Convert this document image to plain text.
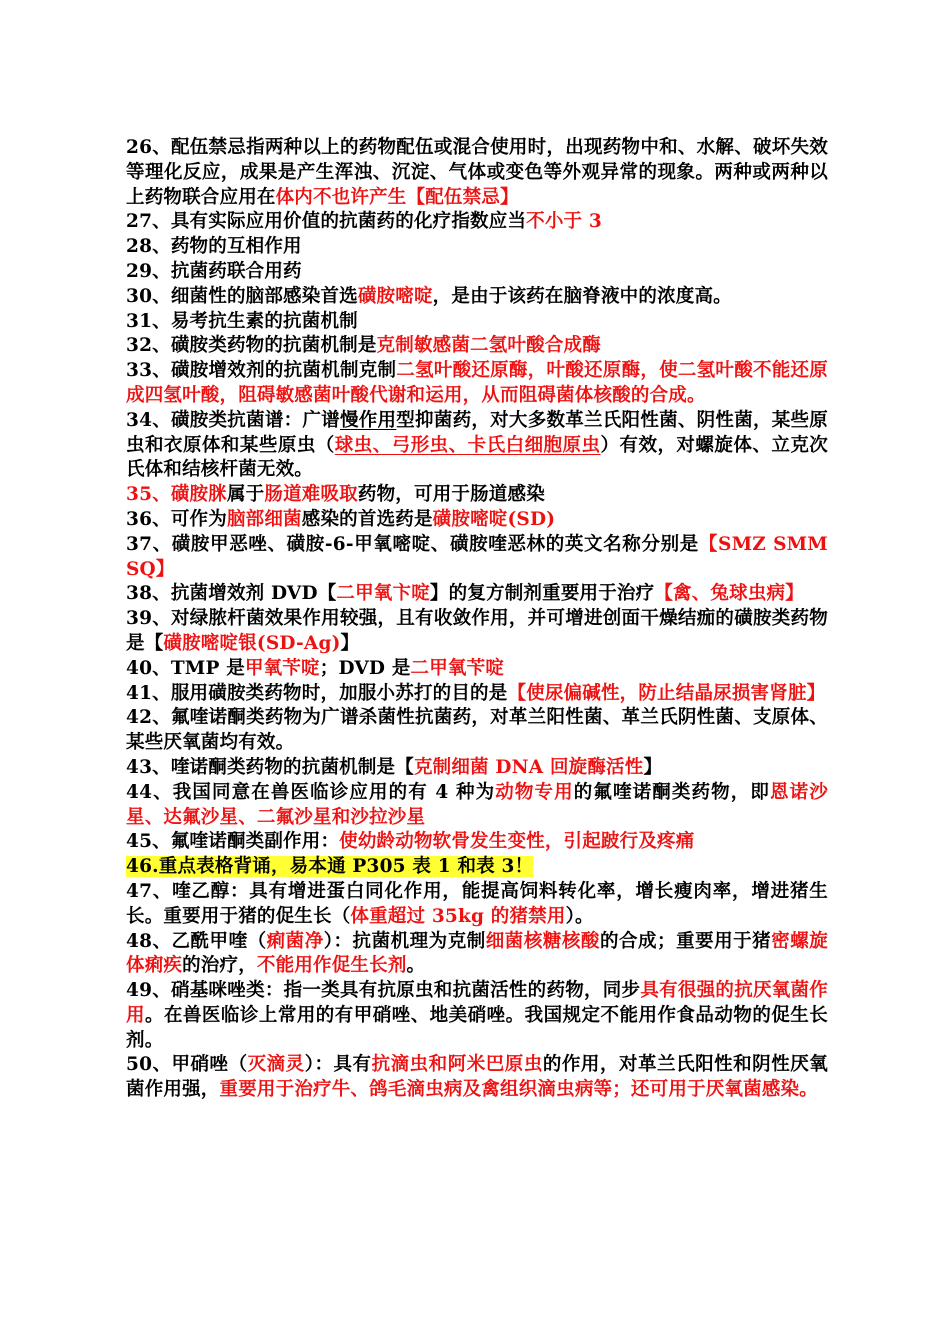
26、配伍禁忌指两种以上的药物配伍或混合使用时，出现药物中和、水解、破坏失效等理化反应，成果是产生浑浊、沉淀、气体或变色等外观异常的现象。两种或两种以上药物联合应用在体内不也许产生【配伍禁忌】

27、具有实际应用价值的抗菌药的化疗指数应当不小于 3

28、药物的互相作用

29、抗菌药联合用药

30、细菌性的脑部感染首选磺胺嘧啶，是由于该药在脑脊液中的浓度高。

31、易考抗生素的抗菌机制

32、磺胺类药物的抗菌机制是克制敏感菌二氢叶酸合成酶

33、磺胺增效剂的抗菌机制克制二氢叶酸还原酶，叶酸还原酶，使二氢叶酸不能还原成四氢叶酸，阻碍敏感菌叶酸代谢和运用，从而阻碍菌体核酸的合成。

34、磺胺类抗菌谱：广谱慢作用型抑菌药，对大多数革兰氏阳性菌、阴性菌，某些原虫和衣原体和某些原虫（球虫、弓形虫、卡氏白细胞原虫）有效，对螺旋体、立克次氏体和结核杆菌无效。

35、磺胺脒属于肠道难吸取药物，可用于肠道感染

36、可作为脑部细菌感染的首选药是磺胺嘧啶(SD)

37、磺胺甲恶唑、磺胺-6-甲氧嘧啶、磺胺喹恶林的英文名称分别是【SMZ SMM SQ】

38、抗菌增效剂 DVD【二甲氧卞啶】的复方制剂重要用于治疗【禽、兔球虫病】

39、对绿脓杆菌效果作用较强，且有收敛作用，并可增进创面干燥结痂的磺胺类药物是【磺胺嘧啶银(SD-Ag)】

40、TMP 是甲氧苄啶；DVD 是二甲氧苄啶

41、服用磺胺类药物时，加服小苏打的目的是【使尿偏碱性，防止结晶尿损害肾脏】

42、氟喹诺酮类药物为广谱杀菌性抗菌药，对革兰阳性菌、革兰氏阴性菌、支原体、某些厌氧菌均有效。

43、喹诺酮类药物的抗菌机制是【克制细菌 DNA 回旋酶活性】

44、我国同意在兽医临诊应用的有 4 种为动物专用的氟喹诺酮类药物，即恩诺沙星、达氟沙星、二氟沙星和沙拉沙星

45、氟喹诺酮类副作用：使幼龄动物软骨发生变性，引起跛行及疼痛

46.重点表格背诵，易本通 P305 表 1 和表 3！

47、喹乙醇：具有增进蛋白同化作用，能提高饲料转化率，增长瘦肉率，增进猪生长。重要用于猪的促生长（体重超过 35kg 的猪禁用）。

48、乙酰甲喹（痢菌净）：抗菌机理为克制细菌核糖核酸的合成；重要用于猪密螺旋体痢疾的治疗，不能用作促生长剂。

49、硝基咪唑类：指一类具有抗原虫和抗菌活性的药物，同步具有很强的抗厌氧菌作用。在兽医临诊上常用的有甲硝唑、地美硝唑。我国规定不能用作食品动物的促生长剂。

50、甲硝唑（灭滴灵）：具有抗滴虫和阿米巴原虫的作用，对革兰氏阳性和阴性厌氧菌作用强，重要用于治疗牛、鸽毛滴虫病及禽组织滴虫病等；还可用于厌氧菌感染。
